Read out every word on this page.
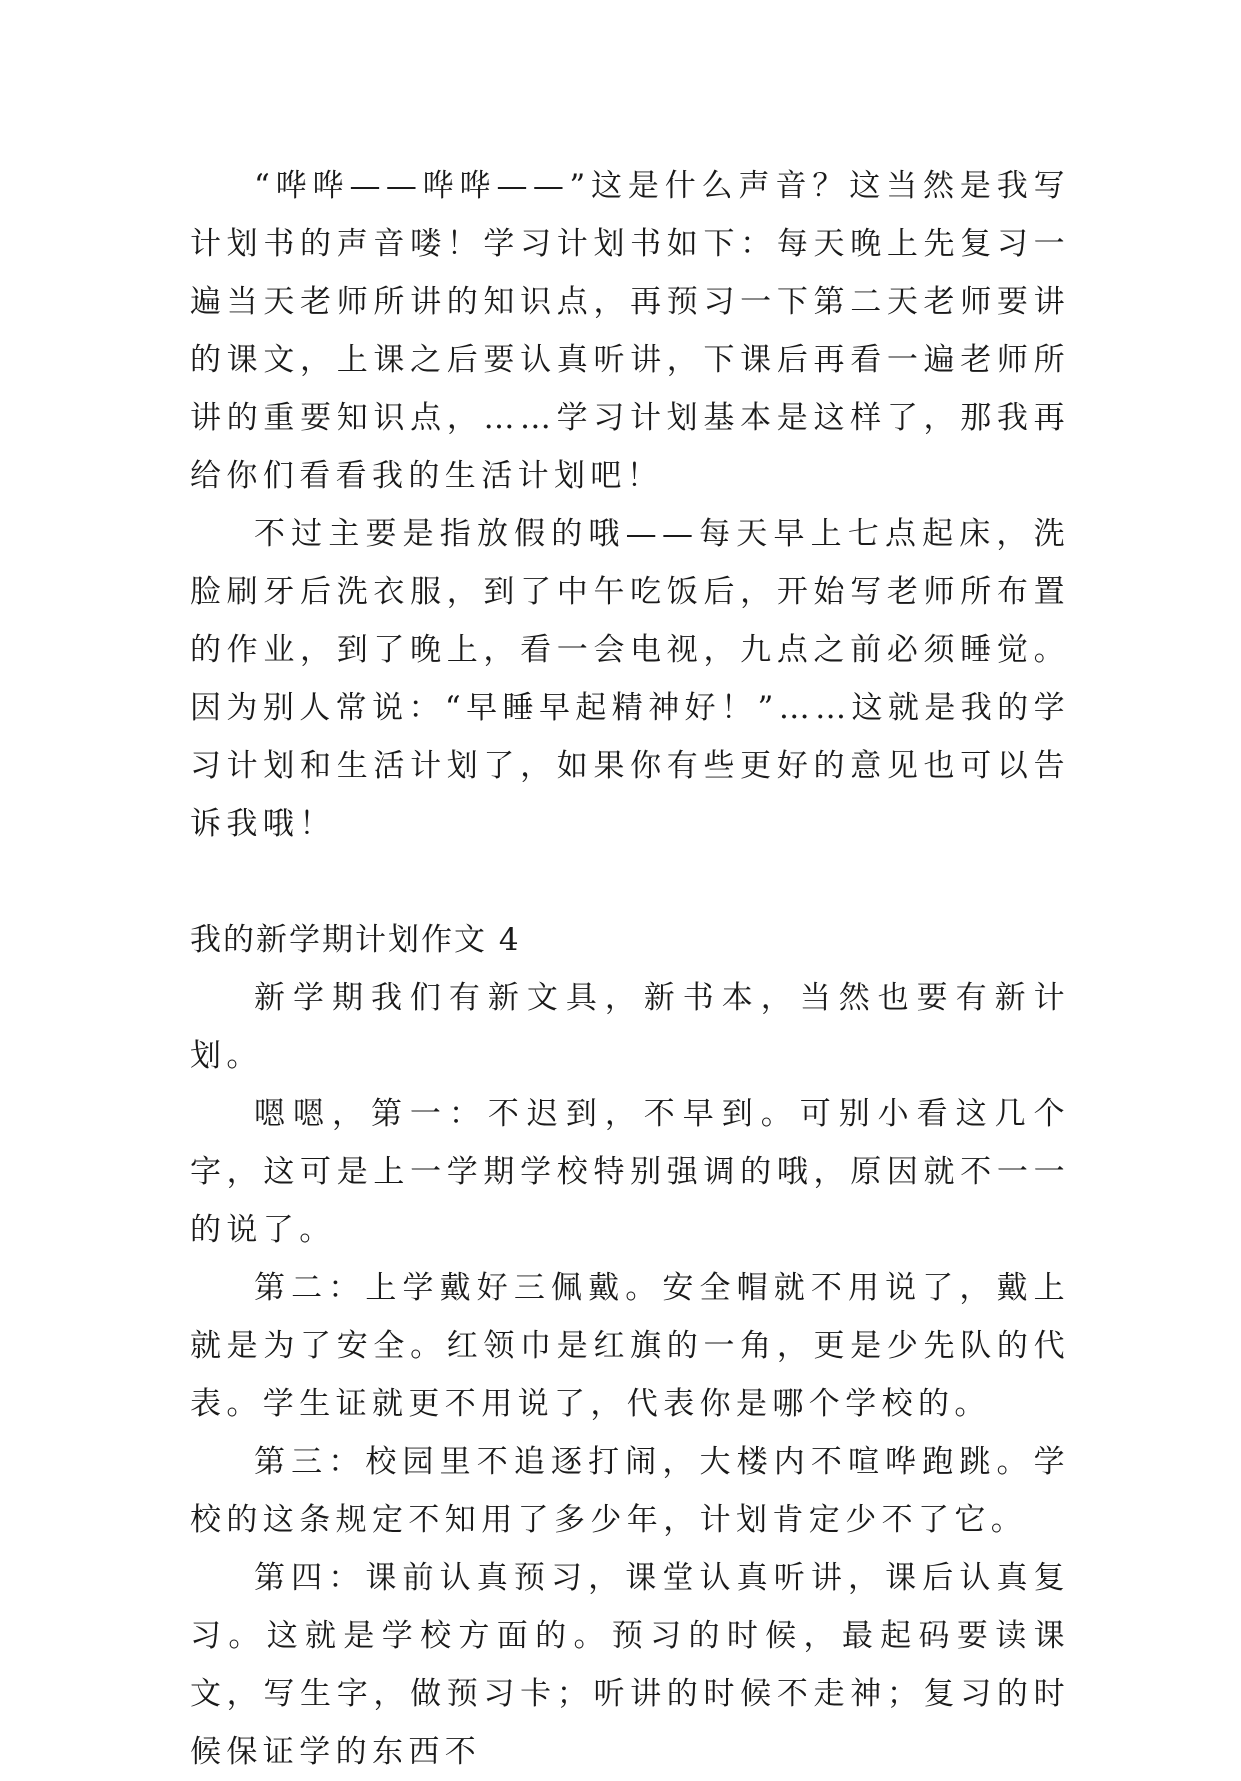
“哗哗——哗哗——”这是什么声音？这当然是我写计划书的声音喽！学习计划书如下：每天晚上先复习一遍当天老师所讲的知识点，再预习一下第二天老师要讲的课文，上课之后要认真听讲，下课后再看一遍老师所讲的重要知识点，……学习计划基本是这样了，那我再给你们看看我的生活计划吧！

不过主要是指放假的哦——每天早上七点起床，洗脸刷牙后洗衣服，到了中午吃饭后，开始写老师所布置的作业，到了晚上，看一会电视，九点之前必须睡觉。因为别人常说：“早睡早起精神好！”……这就是我的学习计划和生活计划了，如果你有些更好的意见也可以告诉我哦！

我的新学期计划作文 4

新学期我们有新文具，新书本，当然也要有新计划。

嗯嗯，第一：不迟到，不早到。可别小看这几个字，这可是上一学期学校特别强调的哦，原因就不一一的说了。

第二：上学戴好三佩戴。安全帽就不用说了，戴上就是为了安全。红领巾是红旗的一角，更是少先队的代表。学生证就更不用说了，代表你是哪个学校的。

第三：校园里不追逐打闹，大楼内不喧哗跑跳。学校的这条规定不知用了多少年，计划肯定少不了它。

第四：课前认真预习，课堂认真听讲，课后认真复习。这就是学校方面的。预习的时候，最起码要读课文，写生字，做预习卡；听讲的时候不走神；复习的时候保证学的东西不
